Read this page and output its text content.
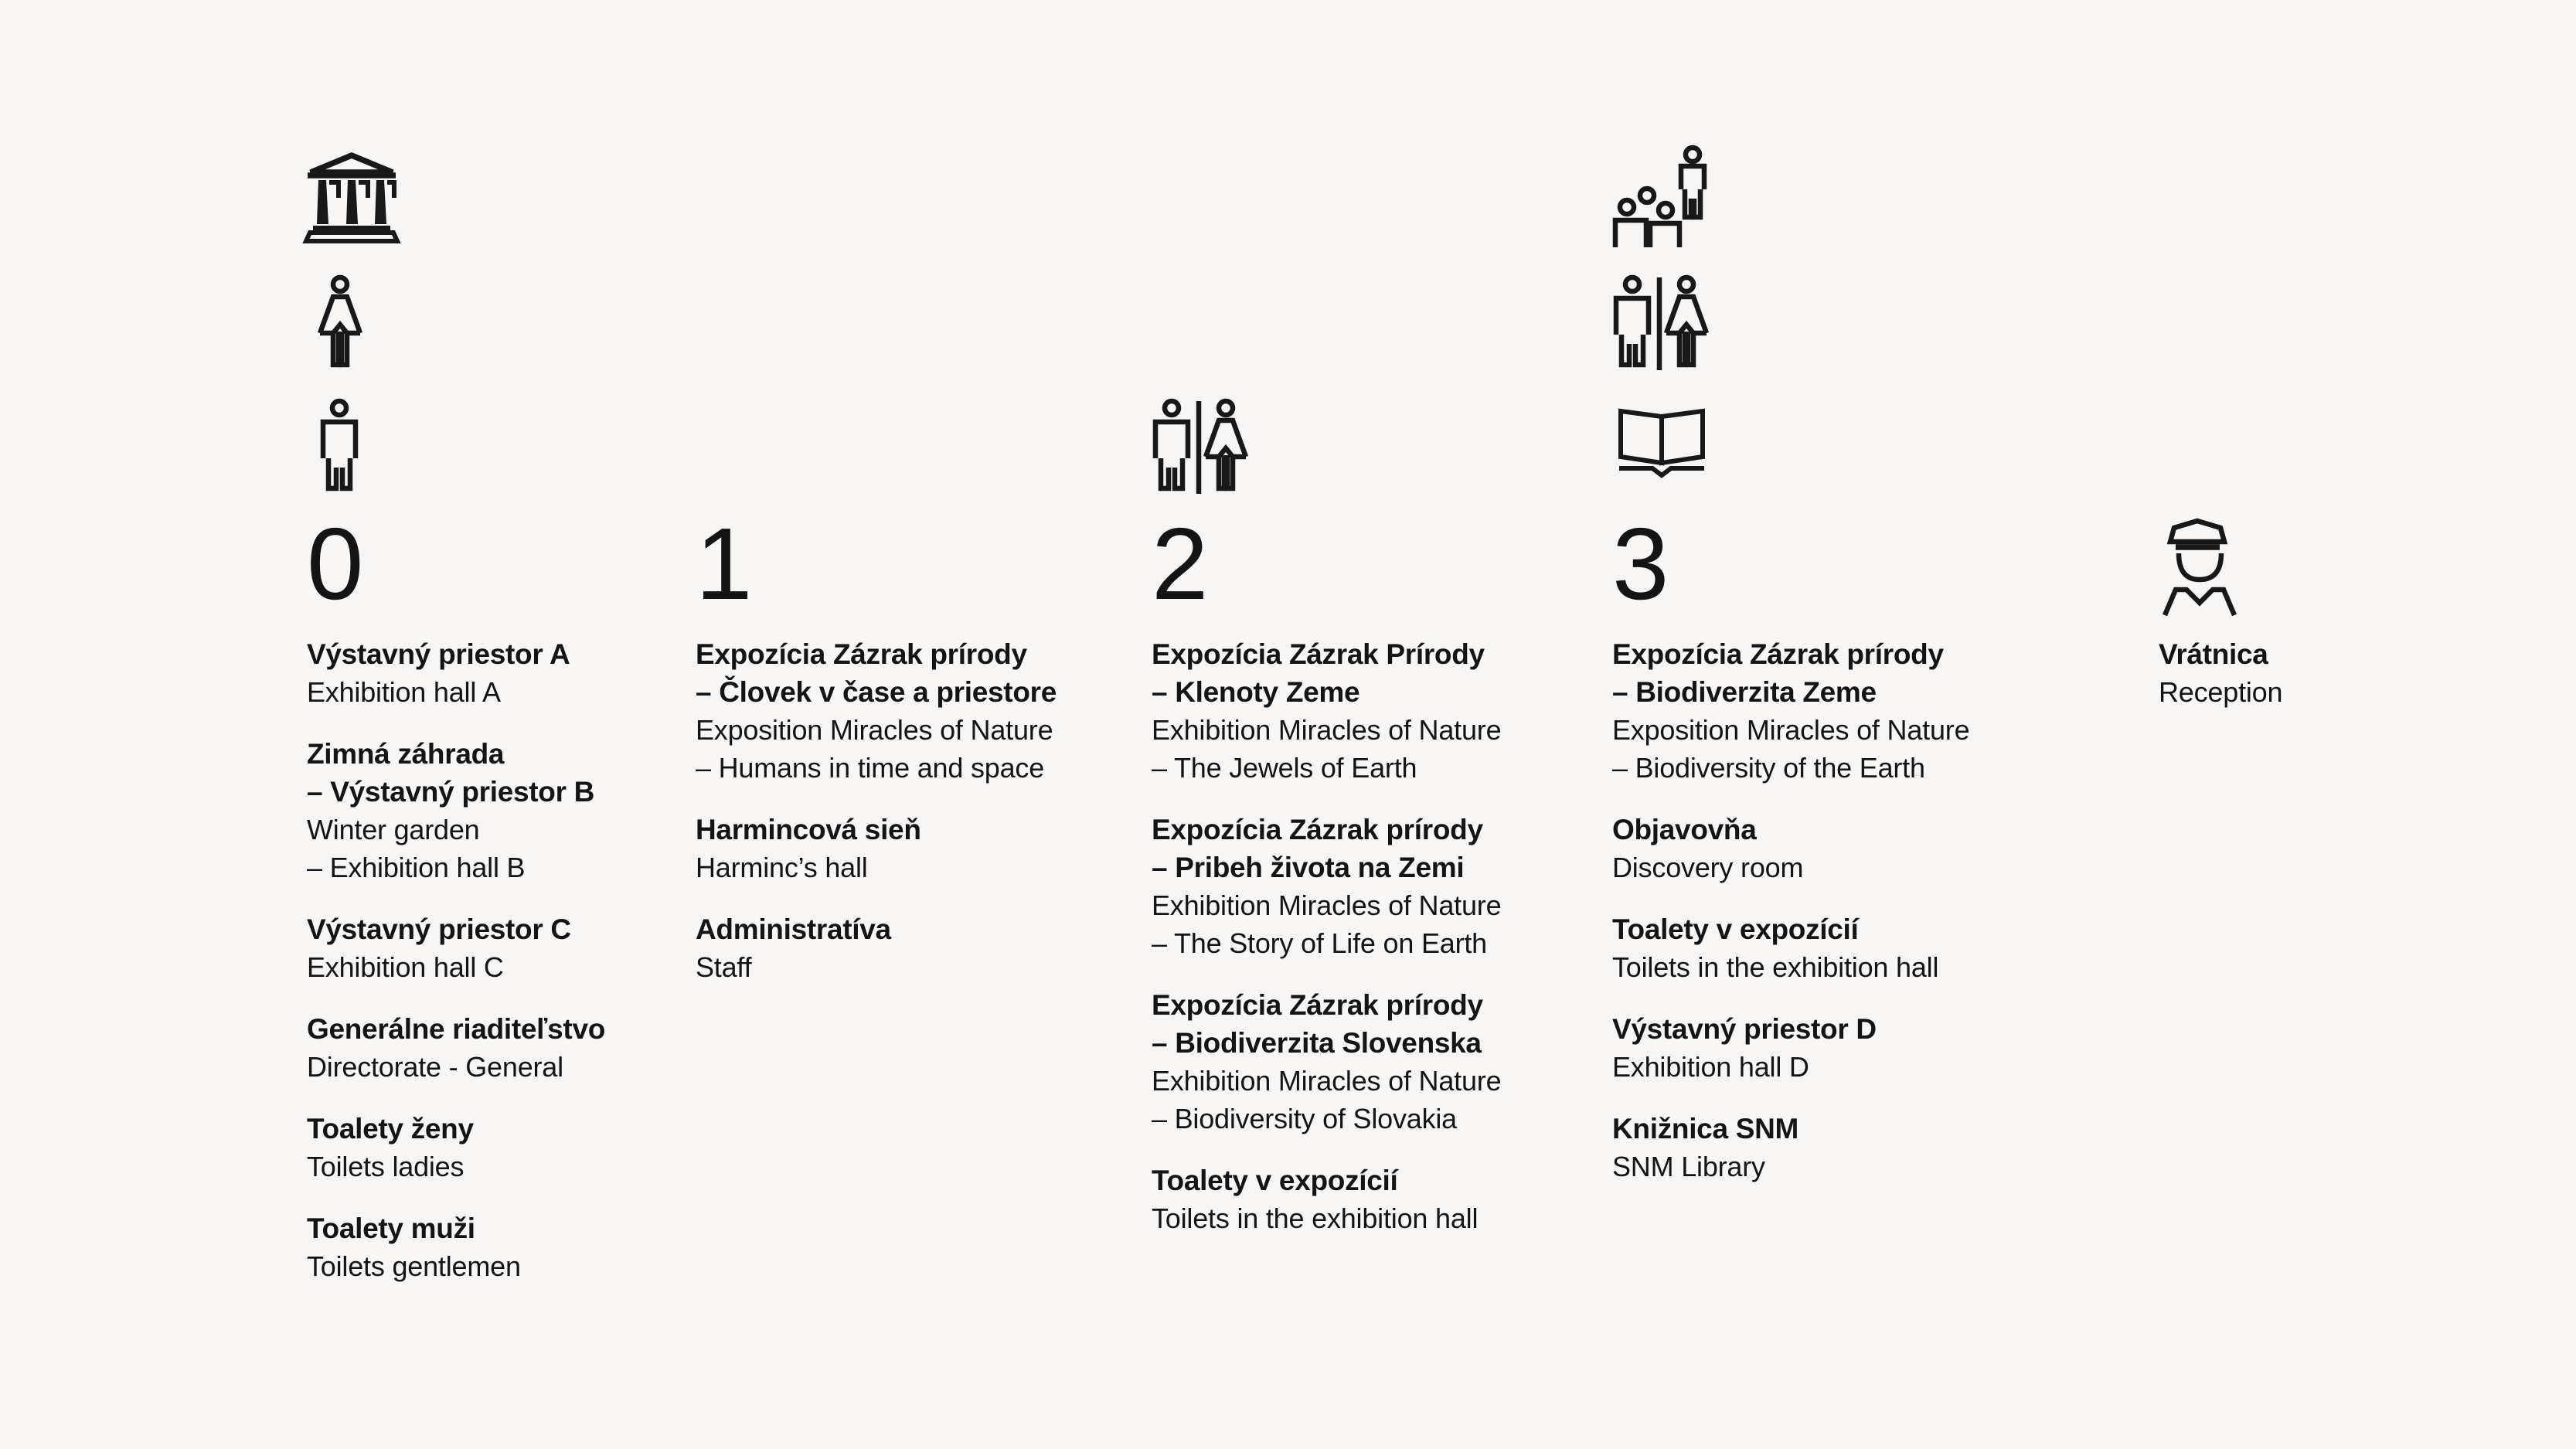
0
Výstavný priestor A
Exhibition hall A
Zimná záhrada
– Výstavný priestor B
Winter garden
– Exhibition hall B
Výstavný priestor C
Exhibition hall C
Generálne riaditeľstvo
Directorate - General
Toalety ženy
Toilets ladies
Toalety muži
Toilets gentlemen
1
Expozícia Zázrak prírody
– Človek v čase a priestore
Exposition Miracles of Nature
– Humans in time and space
Harmincová sieň
Harminc’s hall
Administratíva
Staff
2
Expozícia Zázrak Prírody
– Klenoty Zeme
Exhibition Miracles of Nature
– The Jewels of Earth
Expozícia Zázrak prírody
– Pribeh života na Zemi
Exhibition Miracles of Nature
– The Story of Life on Earth
Expozícia Zázrak prírody
– Biodiverzita Slovenska
Exhibition Miracles of Nature
– Biodiversity of Slovakia
Toalety v expozícií
Toilets in the exhibition hall
3
Expozícia Zázrak prírody
– Biodiverzita Zeme
Exposition Miracles of Nature
– Biodiversity of the Earth
Objavovňa
Discovery room
Toalety v expozícií
Toilets in the exhibition hall
Výstavný priestor D
Exhibition hall D
Knižnica SNM
SNM Library
Vrátnica
Reception
